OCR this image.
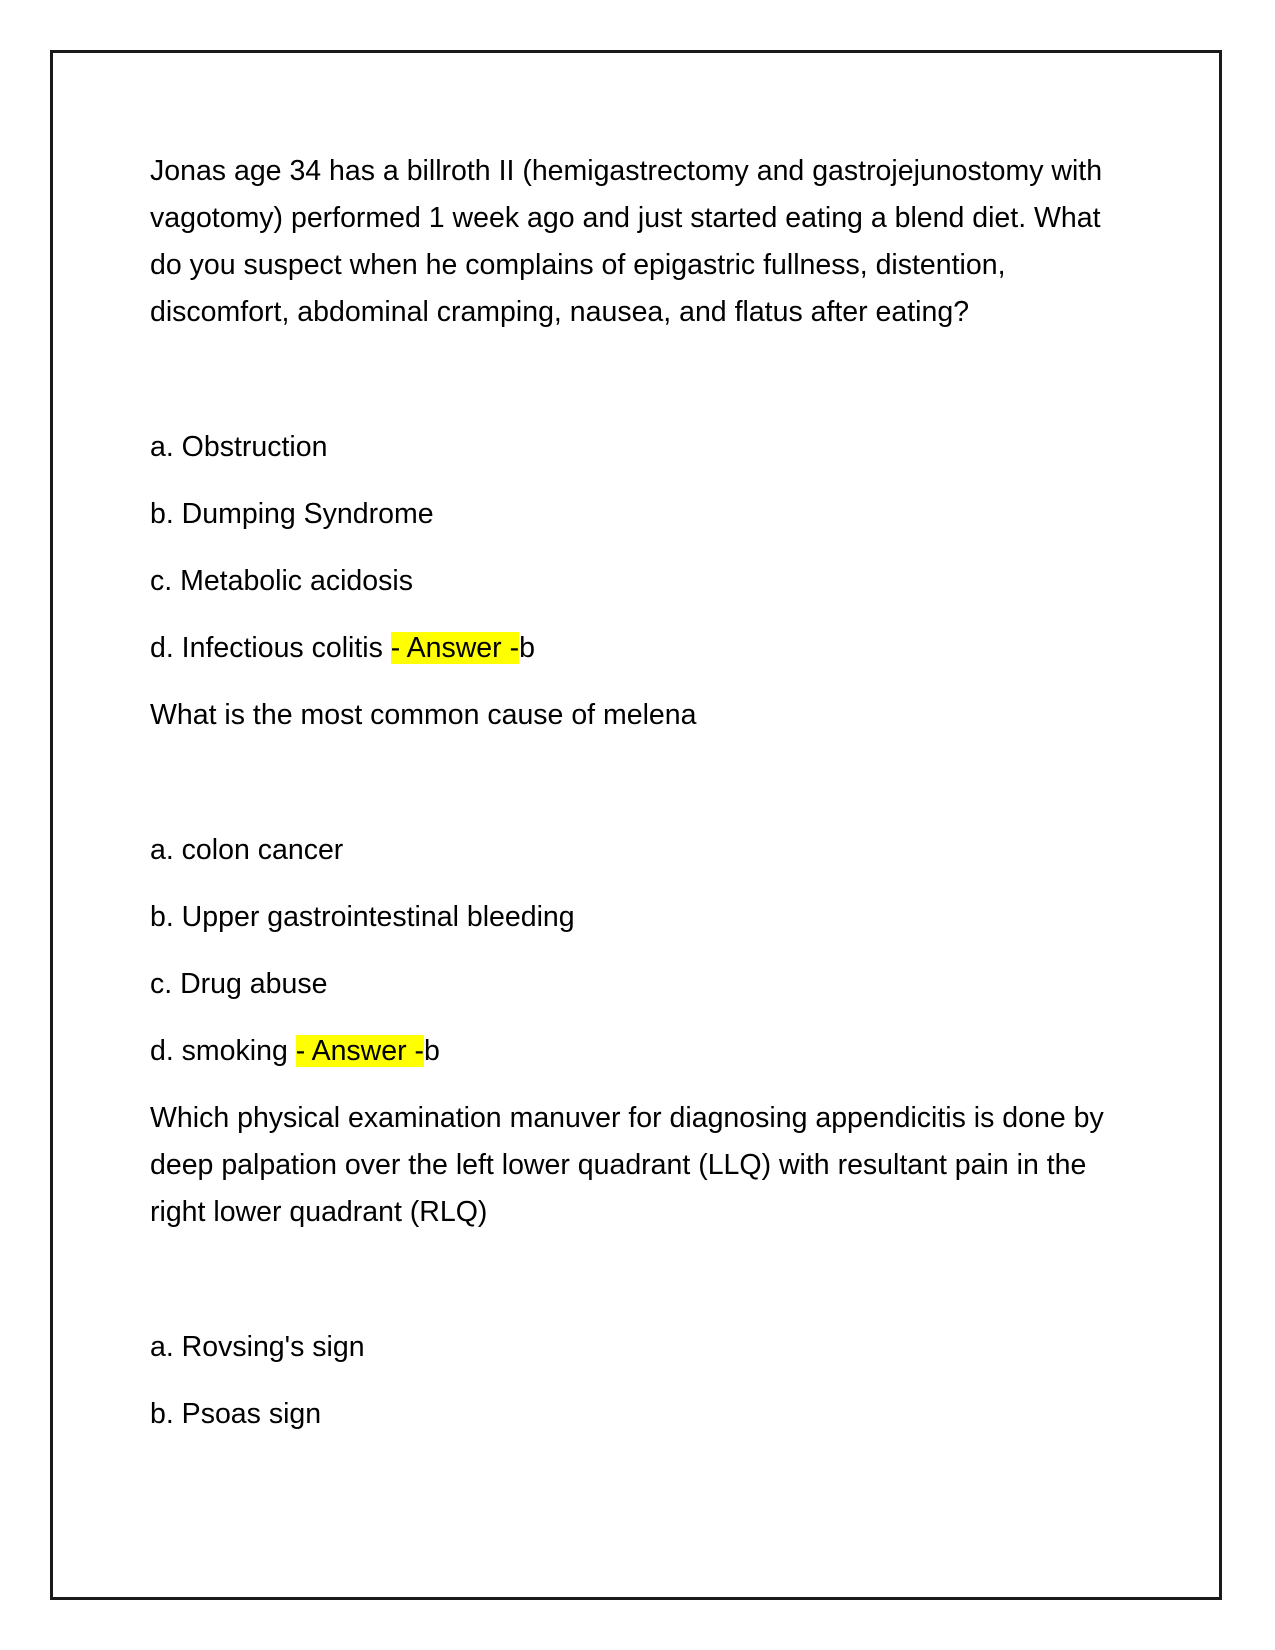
Jonas age 34 has a billroth II (hemigastrectomy and gastrojejunostomy with vagotomy) performed 1 week ago and just started eating a blend diet. What do you suspect when he complains of epigastric fullness, distention, discomfort, abdominal cramping, nausea, and flatus after eating?

a. Obstruction

b. Dumping Syndrome

c. Metabolic acidosis

d. Infectious colitis - Answer -b

What is the most common cause of melena

a. colon cancer

b. Upper gastrointestinal bleeding

c. Drug abuse

d. smoking - Answer -b

Which physical examination manuver for diagnosing appendicitis is done by deep palpation over the left lower quadrant (LLQ) with resultant pain in the right lower quadrant (RLQ)

a. Rovsing's sign

b. Psoas sign
